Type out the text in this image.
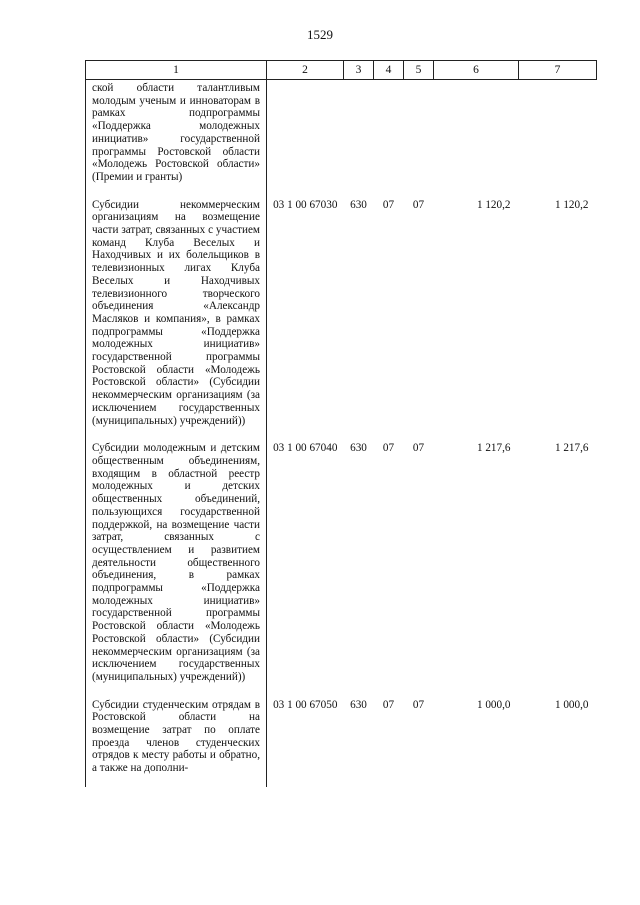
1529
1	2	3	4	5	6	7
ской области талантливым молодым ученым и инноваторам в рамках подпрограммы «Поддержка молодежных инициатив» государственной программы Ростовской области «Молодежь Ростовской области» (Премии и гранты)						
Субсидии некоммерческим организациям на возмещение части затрат, связанных с участием команд Клуба Веселых и Находчивых и их болельщиков в телевизионных лигах Клуба Веселых и Находчивых телевизионного творческого объединения «Александр Масляков и компания», в рамках подпрограммы «Поддержка молодежных инициатив» государственной программы Ростовской области «Молодежь Ростовской области» (Субсидии некоммерческим организациям (за исключением государственных (муниципальных) учреждений))	03 1 00 67030	630	07	07	1 120,2	1 120,2
Субсидии молодежным и детским общественным объединениям, входящим в областной реестр молодежных и детских общественных объединений, пользующихся государственной поддержкой, на возмещение части затрат, связанных с осуществлением и развитием деятельности общественного объединения, в рамках подпрограммы «Поддержка молодежных инициатив» государственной программы Ростовской области «Молодежь Ростовской области» (Субсидии некоммерческим организациям (за исключением государственных (муниципальных) учреждений))	03 1 00 67040	630	07	07	1 217,6	1 217,6
Субсидии студенческим отрядам в Ростовской области на возмещение затрат по оплате проезда членов студенческих отрядов к месту работы и обратно, а также на дополни-	03 1 00 67050	630	07	07	1 000,0	1 000,0
